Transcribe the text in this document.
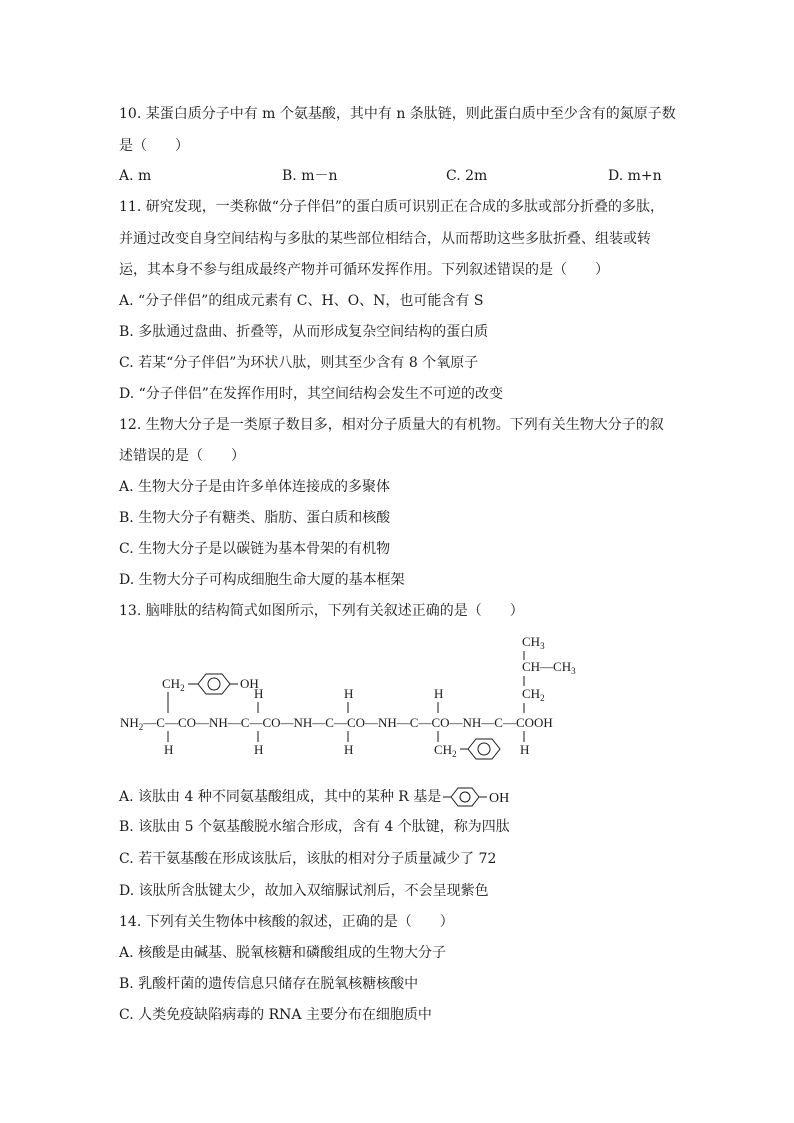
10. 某蛋白质分子中有 m 个氨基酸，其中有 n 条肽链，则此蛋白质中至少含有的氮原子数
是（　　）
A. m	B. m－n	C. 2m	D. m+n
11. 研究发现，一类称做“分子伴侣”的蛋白质可识别正在合成的多肽或部分折叠的多肽，
并通过改变自身空间结构与多肽的某些部位相结合，从而帮助这些多肽折叠、组装或转
运，其本身不参与组成最终产物并可循环发挥作用。下列叙述错误的是（　　）
A. “分子伴侣”的组成元素有 C、H、O、N，也可能含有 S
B. 多肽通过盘曲、折叠等，从而形成复杂空间结构的蛋白质
C. 若某“分子伴侣”为环状八肽，则其至少含有 8 个氧原子
D. “分子伴侣”在发挥作用时，其空间结构会发生不可逆的改变
12. 生物大分子是一类原子数目多，相对分子质量大的有机物。下列有关生物大分子的叙
述错误的是（　　）
A. 生物大分子是由许多单体连接成的多聚体
B. 生物大分子有糖类、脂肪、蛋白质和核酸
C. 生物大分子是以碳链为基本骨架的有机物
D. 生物大分子可构成细胞生命大厦的基本框架
13. 脑啡肽的结构简式如图所示，下列有关叙述正确的是（　　）
$CH_3$
$CH—CH_3$
$CH_2$
$CH_2$	OH
H	H	H
$NH_2—C—CO—NH—C—CO—NH—C—CO—NH—C—CO—NH—C—COOH$
H	H	H	H
$CH_2$
A. 该肽由 4 种不同氨基酸组成，其中的某种 R 基是	OH
B. 该肽由 5 个氨基酸脱水缩合形成，含有 4 个肽键，称为四肽
C. 若干氨基酸在形成该肽后，该肽的相对分子质量减少了 72
D. 该肽所含肽键太少，故加入双缩脲试剂后，不会呈现紫色
14. 下列有关生物体中核酸的叙述，正确的是（　　）
A. 核酸是由碱基、脱氧核糖和磷酸组成的生物大分子
B. 乳酸杆菌的遗传信息只储存在脱氧核糖核酸中
C. 人类免疫缺陷病毒的 RNA 主要分布在细胞质中
